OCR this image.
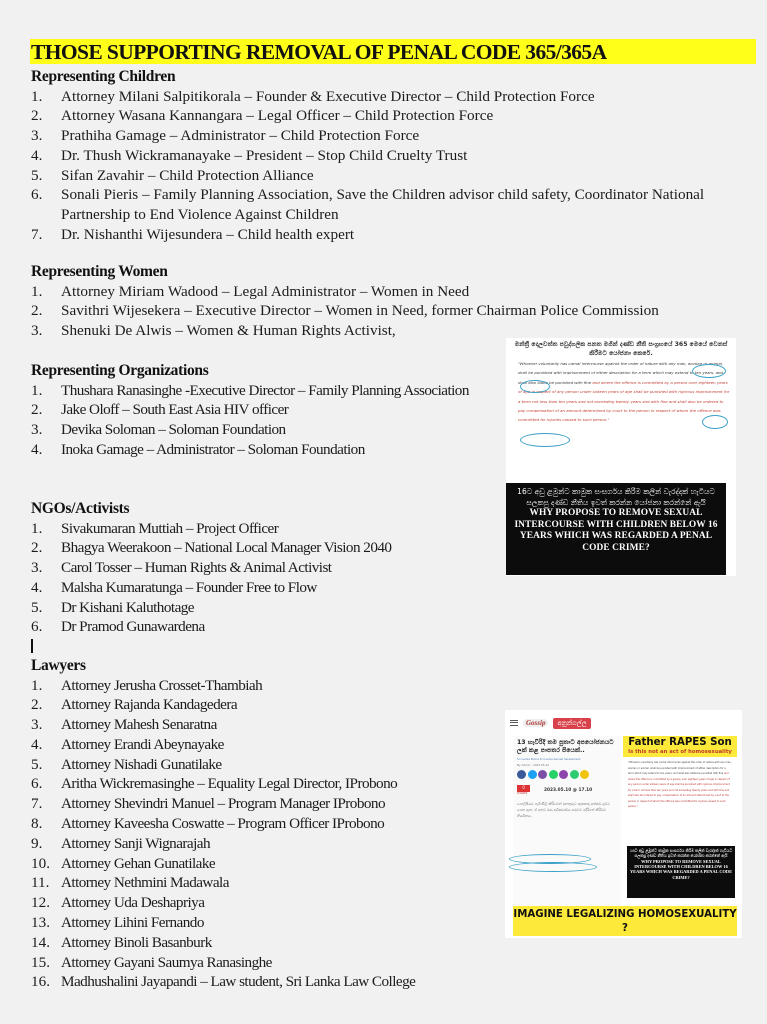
THOSE SUPPORTING REMOVAL OF PENAL CODE 365/365A
Representing Children
1.	Attorney Milani Salpitikorala – Founder & Executive Director – Child Protection Force
2.	Attorney Wasana Kannangara – Legal Officer – Child Protection Force
3.	Prathiha Gamage – Administrator – Child Protection Force
4.	Dr. Thush Wickramanayake – President – Stop Child Cruelty Trust
5.	Sifan Zavahir – Child Protection Alliance
6.	Sonali Pieris – Family Planning Association, Save the Children advisor child safety, Coordinator National Partnership to End Violence Against Children
7.	Dr. Nishanthi Wijesundera – Child health expert
Representing Women
1.	Attorney Miriam Wadood – Legal Administrator – Women in Need
2.	Savithri Wijesekera – Executive Director – Women in Need, former Chairman Police Commission
3.	Shenuki De Alwis – Women & Human Rights Activist,
Representing Organizations
1.	Thushara Ranasinghe -Executive Director – Family Planning Association
2.	Jake Oloff – South East Asia HIV officer
3.	Devika Soloman – Soloman Foundation
4.	Inoka Gamage – Administrator – Soloman Foundation
NGOs/Activists
1.	Sivakumaran Muttiah – Project Officer
2.	Bhagya Weerakoon – National Local Manager Vision 2040
3.	Carol Tosser – Human Rights & Animal Activist
4.	Malsha Kumaratunga – Founder Free to Flow
5.	Dr Kishani Kaluthotage
6.	Dr Pramod Gunawardena
Lawyers
1.	Attorney Jerusha Crosset-Thambiah
2.	Attorney Rajanda Kandagedera
3.	Attorney Mahesh Senaratna
4.	Attorney Erandi Abeynayake
5.	Attorney Nishadi Gunatilake
6.	Aritha Wickremasinghe – Equality Legal Director, IProbono
7.	Attorney Shevindri Manuel – Program Manager IProbono
8.	Attorney Kaveesha Coswatte – Program Officer IProbono
9.	Attorney Sanji Wignarajah
10. Attorney Gehan Gunatilake
11. Attorney Nethmini Madawala
12. Attorney Uda Deshapriya
13. Attorney Lihini Fernando
14. Attorney Binoli Basanburk
15. Attorney Gayani Saumya Ranasinghe
16. Madhushalini Jayapandi – Law student, Sri Lanka Law College
මන්ත්‍රී දොලවත්ත පවුද්ගලික පනත මගින් දණ්ඩ නීති සංග්‍රහයේ 365 මෙයේ වෙනස් කිරීමට යෝජනා කෙරේ.
"Whoever voluntarily has carnal intercourse against the order of nature with any man, woman or animal, shall be punished with imprisonment of either description for a term which may extend to ten years, and shall also liable be punished with fine and where the offence is committed by a person over eighteen years of age in respect of any person under sixteen years of age shall be punished with rigorous imprisonment for a term not less than ten years and not exceeding twenty years and with fine and shall also be ordered to pay compensation of an amount determined by court to the person in respect of whom the offence was committed for injuries caused to such person."
16ට අඩු ළමුන්ට කාමුක සංසර්ගය කිරීම කලින් වැරද්දක් හැටියට සලකපු දණ්ඩ නීතිය ඉවත් කරන්න යෝජනා කරන්නේ ඇයි
WHY PROPOSE TO REMOVE SEXUAL INTERCOURSE WITH CHILDREN BELOW 16 YEARS WHICH WAS REGARDED A PENAL CODE CRIME?
Gossip	අනුන්ගල්ල
13 හැවිරිදි තම පුතාට අපයෝජනයට ලක් කළ පාපතර පියෙක්..
Sri Lanka Police Sri Lanka Sexual harassment
By Admin · 2023.05.10
0
SHARES
2023.05.10 @ 17.10
පොලිසියට පැමිණිලි කිරීමෙන් අනතුරුව සැකකරු අත්අඩංගුවට ගෙන ඇත. ඒ අනුව ඔහු අධිකරණය හමුවට ඉදිරිපත් කිරීමට නියමිතය.
Father RAPES Son
Is this not an act of homosexuality
"Whoever voluntarily has carnal intercourse against the order of nature with any man, woman or animal, shall be punished with imprisonment of either description for a term which may extend to ten years, and shall also liable be punished with fine and where the offence is committed by a person over eighteen years of age in respect of any person under sixteen years of age shall be punished with rigorous imprisonment for a term not less than ten years and not exceeding twenty years and with fine and shall also be ordered to pay compensation of an amount determined by court to the person in respect of whom the offence was committed for injuries caused to such person."
16ට අඩු ළමුන්ට කාමුක සංසර්ගය කිරීම කලින් වැරද්දක් හැටියට සලකපු දණ්ඩ නීතිය ඉවත් කරන්න යෝජනා කරන්නේ ඇයි
WHY PROPOSE TO REMOVE SEXUAL INTERCOURSE WITH CHILDREN BELOW 16 YEARS WHICH WAS REGARDED A PENAL CODE CRIME?
IMAGINE LEGALIZING HOMOSEXUALITY ?
